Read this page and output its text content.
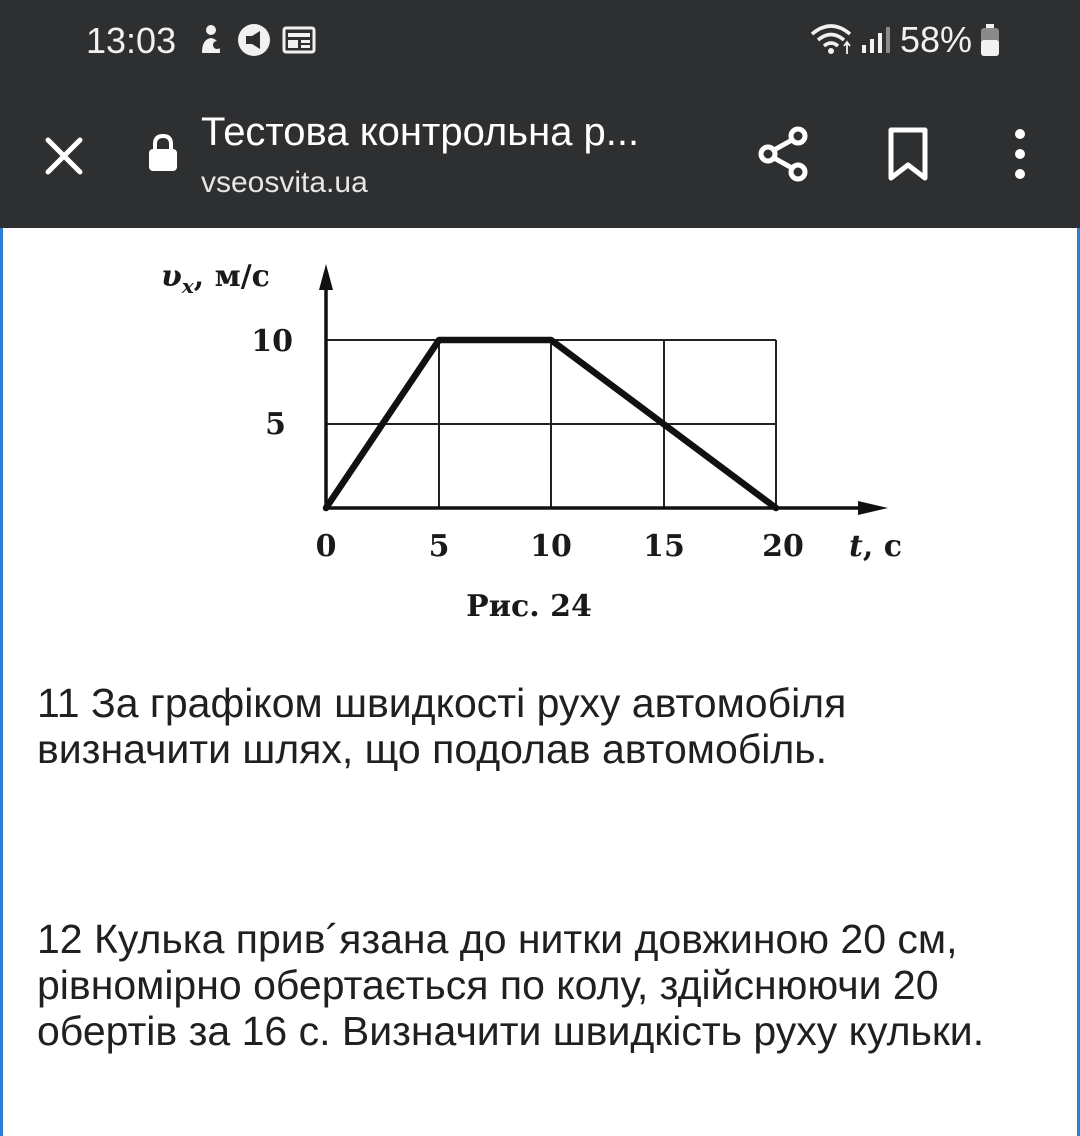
13:03	58%
Тестова контрольна р...
vseosvita.ua
$\upsilon_x$, м/с
10
5
0	5	10 15	20 t, с
Рис. 24

11 За графіком швидкості руху автомобіля визначити шлях, що подолав автомобіль.

12 Кулька прив´язана до нитки довжиною 20 см, рівномірно обертається по колу, здійснюючи 20 обертів за 16 с. Визначити швидкість руху кульки.
